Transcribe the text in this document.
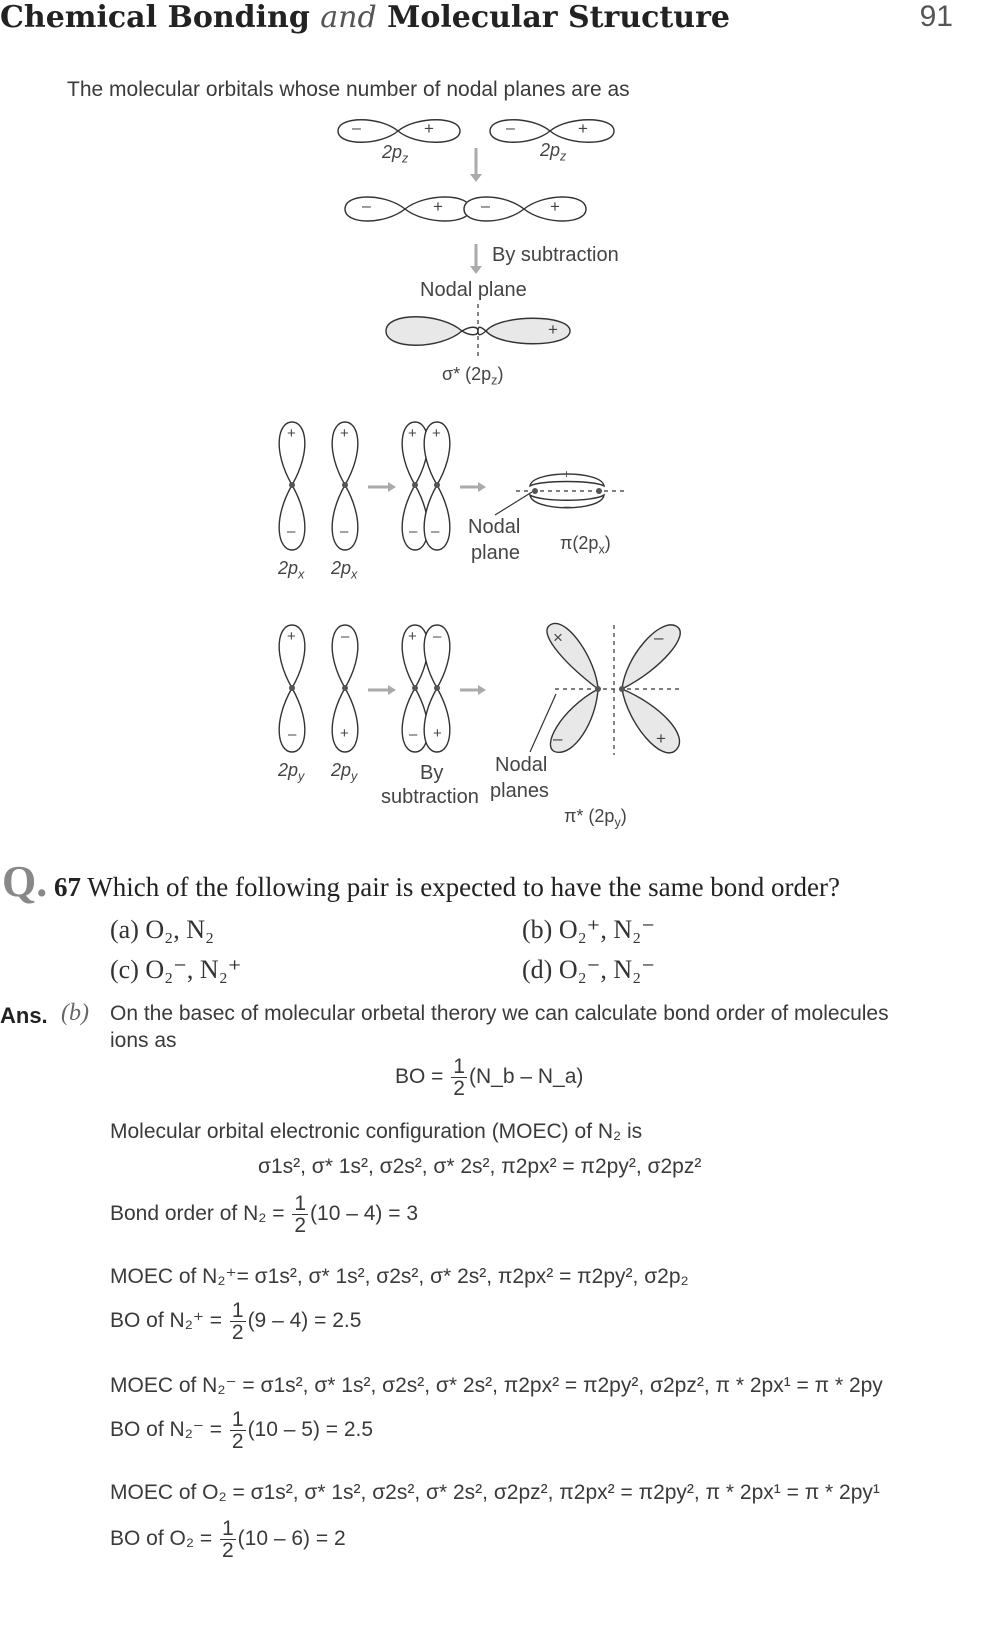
Chemical Bonding and Molecular Structure	91
The molecular orbitals whose number of nodal planes are as
–	+	–	+
$2p_z$	$2p_z$
–	+ –	+
By subtraction
Nodal plane
+
σ* $(2p_z)$
+	+	+ +
–	–	– –
+
–
$2p_x$ $2p_x$
Nodal
plane $\pi(2p_x)$
+	–	+ –
–	+	– +
×	–
–	+
$2p_y$ $2p_y$	By
subtraction
Nodal
planes
π* $(2p_y)$
Q. 67 Which of the following pair is expected to have the same bond order?
(a) O₂, N₂	(b) O₂⁺, N₂⁻
(c) O₂⁻, N₂⁺	(d) O₂⁻, N₂⁻
Ans. (b) On the basec of molecular orbetal therory we can calculate bond order of molecules
ions as
BO = $\frac{1}{2}$ (N_b – N_a)
Molecular orbital electronic configuration (MOEC) of N₂ is
σ1s², σ* 1s², σ2s², σ* 2s², π2px² = π2py², σ2pz²
Bond order of $N_2 = \frac{1}{2} (10 - 4) = 3$
MOEC of N₂⁺= σ1s², σ* 1s², σ2s², σ* 2s², π2px² = π2py², σ2p₂
BO of $N_2^+ = \frac{1}{2} (9 - 4) = 2.5$
MOEC of N₂⁻ = σ1s², σ* 1s², σ2s², σ* 2s², π2px² = π2py², σ2pz², π * 2px¹ = π * 2py
BO of $N_2^- = \frac{1}{2} (10 - 5) = 2.5$
MOEC of O₂ = σ1s², σ* 1s², σ2s², σ* 2s², σ2pz², π2px² = π2py², π * 2px¹ = π * 2py¹
BO of $O_2 = \frac{1}{2} (10 - 6) = 2$
